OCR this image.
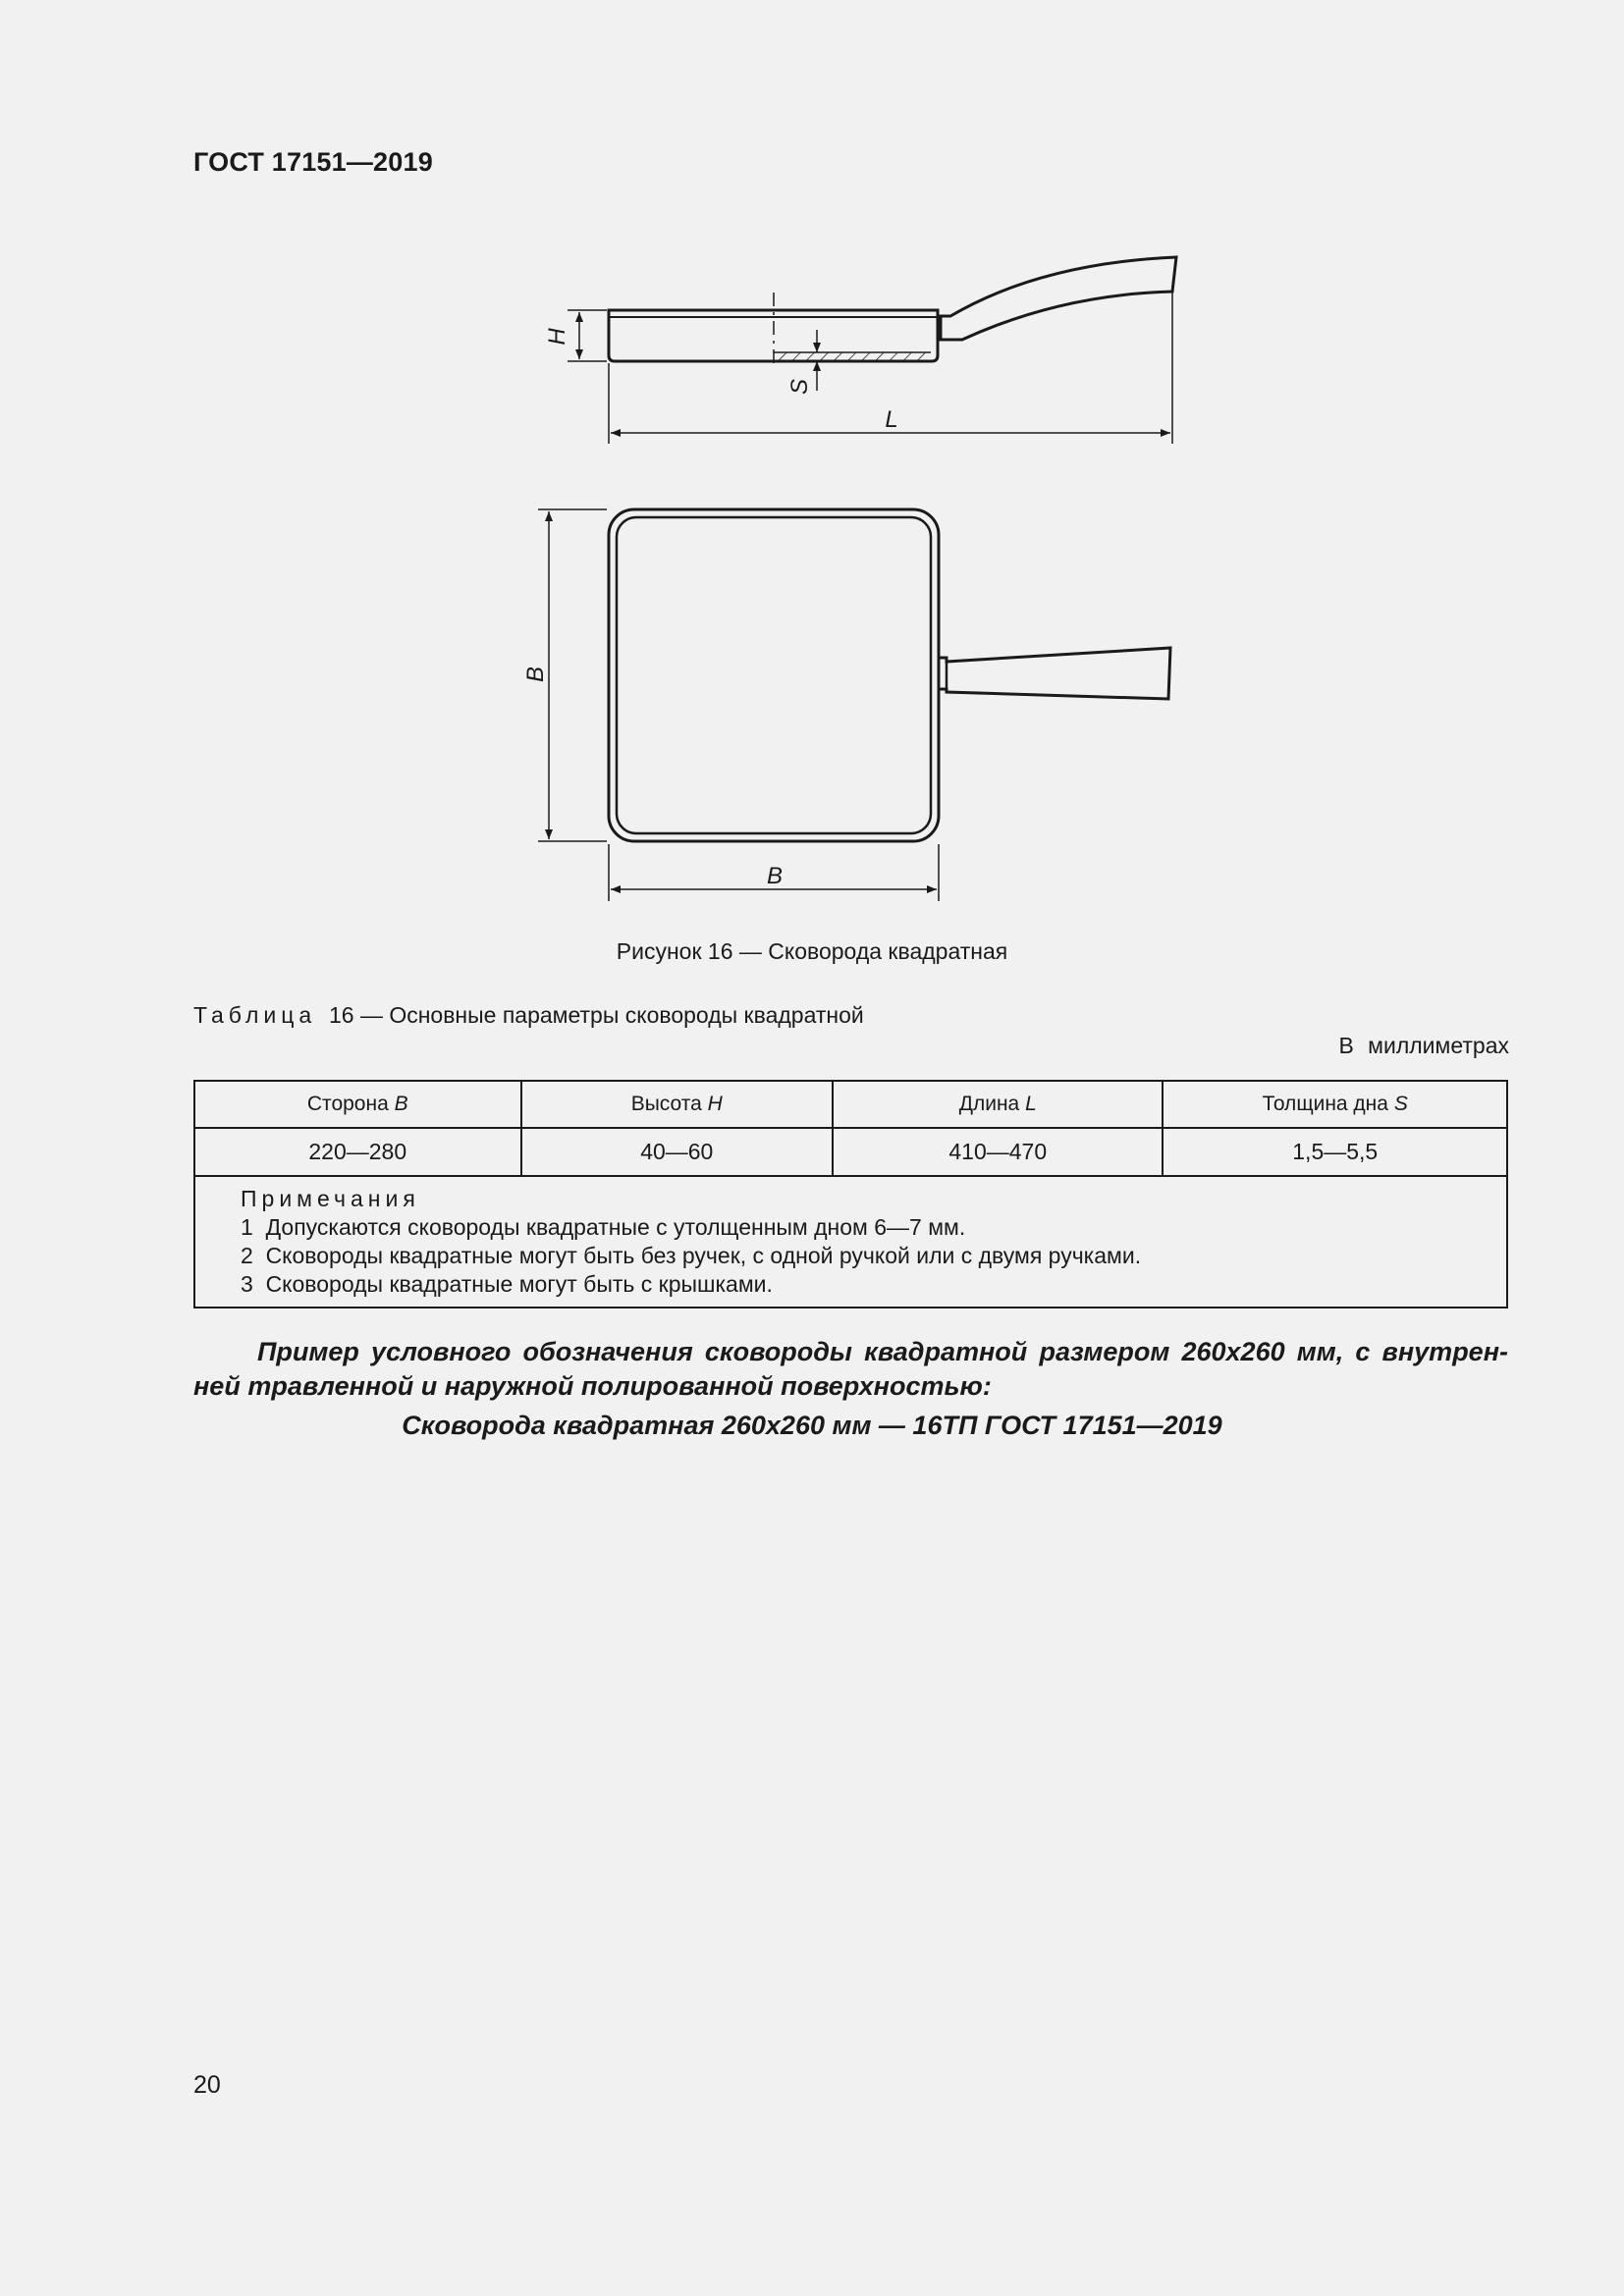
ГОСТ 17151—2019
H
S
L
B
B
Рисунок 16 — Сковорода квадратная
Таблица 16 — Основные параметры сковороды квадратной
В миллиметрах
Сторона B	Высота H	Длина L	Толщина дна S
220—280	40—60	410—470	1,5—5,5

Примечания
1  Допускаются сковороды квадратные с утолщенным дном 6—7 мм.
2  Сковороды квадратные могут быть без ручек, с одной ручкой или с двумя ручками.
3  Сковороды квадратные могут быть с крышками.			

Пример условного обозначения сковороды квадратной размером 260х260 мм, с внутрен-ней травленной и наружной полированной поверхностью:

Сковорода квадратная 260х260 мм — 16ТП ГОСТ 17151—2019
20
